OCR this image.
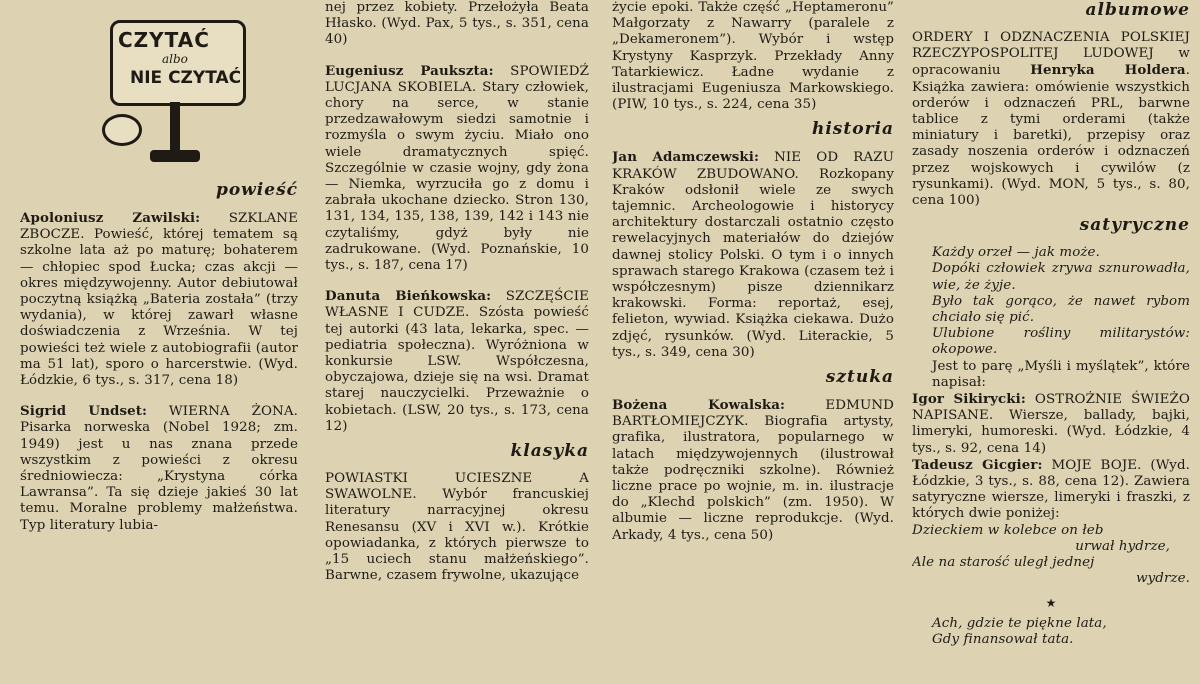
CZYTAĆ
albo
NIE CZYTAĆ
powieść

Apoloniusz Zawilski: SZKLANE ZBOCZE. Powieść, której tematem są szkolne lata aż po maturę; bohaterem — chłopiec spod Łucka; czas akcji — okres międzywojenny. Autor debiutował poczytną książką „Bateria została” (trzy wydania), w której zawarł własne doświadczenia z Września. W tej powieści też wiele z autobiografii (autor ma 51 lat), sporo o harcerstwie. (Wyd. Łódzkie, 6 tys., s. 317, cena 18)

Sigrid Undset: WIERNA ŻONA. Pisarka norweska (Nobel 1928; zm. 1949) jest u nas znana przede wszystkim z powieści z okresu średniowiecza: „Krystyna córka Lawransa”. Ta się dzieje jakieś 30 lat temu. Moralne problemy małżeństwa. Typ literatury lubia-

nej przez kobiety. Przełożyła Beata Hłasko. (Wyd. Pax, 5 tys., s. 351, cena 40)

Eugeniusz Paukszta: SPOWIEDŹ LUCJANA SKOBIELA. Stary człowiek, chory na serce, w stanie przedzawałowym siedzi samotnie i rozmyśla o swym życiu. Miało ono wiele dramatycznych spięć. Szczególnie w czasie wojny, gdy żona — Niemka, wyrzuciła go z domu i zabrała ukochane dziecko. Stron 130, 131, 134, 135, 138, 139, 142 i 143 nie czytaliśmy, gdyż były nie zadrukowane. (Wyd. Poznańskie, 10 tys., s. 187, cena 17)

Danuta Bieńkowska: SZCZĘŚCIE WŁASNE I CUDZE. Szósta powieść tej autorki (43 lata, lekarka, spec. — pediatria społeczna). Wyróżniona w konkursie LSW. Współczesna, obyczajowa, dzieje się na wsi. Dramat starej nauczycielki. Przeważnie o kobietach. (LSW, 20 tys., s. 173, cena 12)

klasyka

POWIASTKI UCIESZNE A SWAWOLNE. Wybór francuskiej literatury narracyjnej okresu Renesansu (XV i XVI w.). Krótkie opowiadanka, z których pierwsze to „15 uciech stanu małżeńskiego”. Barwne, czasem frywolne, ukazujące

życie epoki. Także część „Heptameronu” Małgorzaty z Nawarry (paralele z „Dekameronem”). Wybór i wstęp Krystyny Kasprzyk. Przekłady Anny Tatarkiewicz. Ładne wydanie z ilustracjami Eugeniusza Markowskiego. (PIW, 10 tys., s. 224, cena 35)

historia

Jan Adamczewski: NIE OD RAZU KRAKÓW ZBUDOWANO. Rozkopany Kraków odsłonił wiele ze swych tajemnic. Archeologowie i historycy architektury dostarczali ostatnio często rewelacyjnych materiałów do dziejów dawnej stolicy Polski. O tym i o innych sprawach starego Krakowa (czasem też i współczesnym) pisze dziennikarz krakowski. Forma: reportaż, esej, felieton, wywiad. Książka ciekawa. Dużo zdjęć, rysunków. (Wyd. Literackie, 5 tys., s. 349, cena 30)

sztuka

Bożena Kowalska: EDMUND BARTŁOMIEJCZYK. Biografia artysty, grafika, ilustratora, popularnego w latach międzywojennych (ilustrował także podręczniki szkolne). Również liczne prace po wojnie, m. in. ilustracje do „Klechd polskich” (zm. 1950). W albumie — liczne reprodukcje. (Wyd. Arkady, 4 tys., cena 50)

albumowe

ORDERY I ODZNACZENIA POLSKIEJ RZECZYPOSPOLITEJ LUDOWEJ w opracowaniu Henryka Holdera. Książka zawiera: omówienie wszystkich orderów i odznaczeń PRL, barwne tablice z tymi orderami (także miniatury i baretki), przepisy oraz zasady noszenia orderów i odznaczeń przez wojskowych i cywilów (z rysunkami). (Wyd. MON, 5 tys., s. 80, cena 100)

satyryczne

Każdy orzeł — jak może.

Dopóki człowiek zrywa sznurowadła, wie, że żyje.

Było tak gorąco, że nawet rybom chciało się pić.

Ulubione rośliny militarystów: okopowe.

Jest to parę „Myśli i myślątek”, które napisał:

Igor Sikirycki: OSTROŻNIE ŚWIEŻO NAPISANE. Wiersze, ballady, bajki, limeryki, humoreski. (Wyd. Łódzkie, 4 tys., s. 92, cena 14)

Tadeusz Gicgier: MOJE BOJE. (Wyd. Łódzkie, 3 tys., s. 88, cena 12). Zawiera satyryczne wiersze, limeryki i fraszki, z których dwie poniżej:

Dzieckiem w kolebce on łeb

urwał hydrze,

Ale na starość uległ jednej

wydrze.

★

Ach, gdzie te piękne lata,

Gdy finansował tata.
